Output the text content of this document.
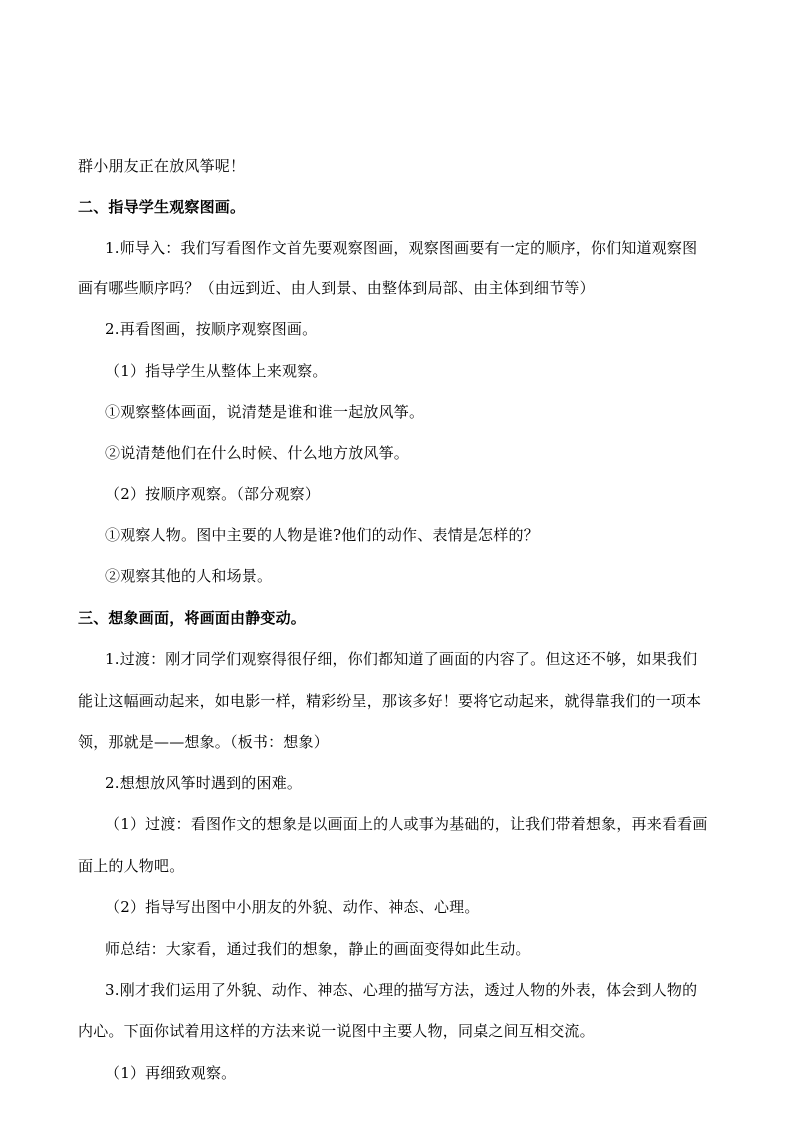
群小朋友正在放风筝呢！
二、指导学生观察图画。
1.师导入：我们写看图作文首先要观察图画，观察图画要有一定的顺序，你们知道观察图
画有哪些顺序吗？（由远到近、由人到景、由整体到局部、由主体到细节等）
2.再看图画，按顺序观察图画。
（1）指导学生从整体上来观察。
①观察整体画面，说清楚是谁和谁一起放风筝。
②说清楚他们在什么时候、什么地方放风筝。
（2）按顺序观察。（部分观察）
①观察人物。图中主要的人物是谁?他们的动作、表情是怎样的？
②观察其他的人和场景。
三、想象画面，将画面由静变动。
1.过渡：刚才同学们观察得很仔细，你们都知道了画面的内容了。但这还不够，如果我们
能让这幅画动起来，如电影一样，精彩纷呈，那该多好！要将它动起来，就得靠我们的一项本
领，那就是——想象。（板书：想象）
2.想想放风筝时遇到的困难。
（1）过渡：看图作文的想象是以画面上的人或事为基础的，让我们带着想象，再来看看画
面上的人物吧。
（2）指导写出图中小朋友的外貌、动作、神态、心理。
师总结：大家看，通过我们的想象，静止的画面变得如此生动。
3.刚才我们运用了外貌、动作、神态、心理的描写方法，透过人物的外表，体会到人物的
内心。下面你试着用这样的方法来说一说图中主要人物，同桌之间互相交流。
（1）再细致观察。
